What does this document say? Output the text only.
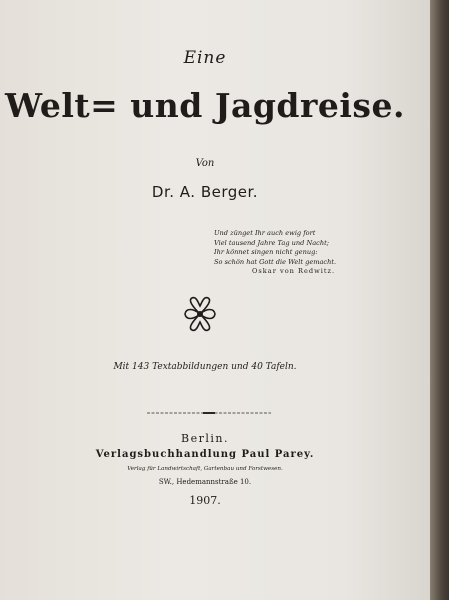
Eine
Welt= und Jagdreise.
Von
Dr. A. Berger.
Und zünget Ihr auch ewig fort
Viel tausend Jahre Tag und Nacht;
Ihr könnet singen nicht genug:
So schön hat Gott die Welt gemacht.
Oskar von Redwitz.
Mit 143 Textabbildungen und 40 Tafeln.
Berlin.
Verlagsbuchhandlung Paul Parey.
Verlag für Landwirtschaft, Gartenbau und Forstwesen.
SW., Hedemannstraße 10.
1907.
